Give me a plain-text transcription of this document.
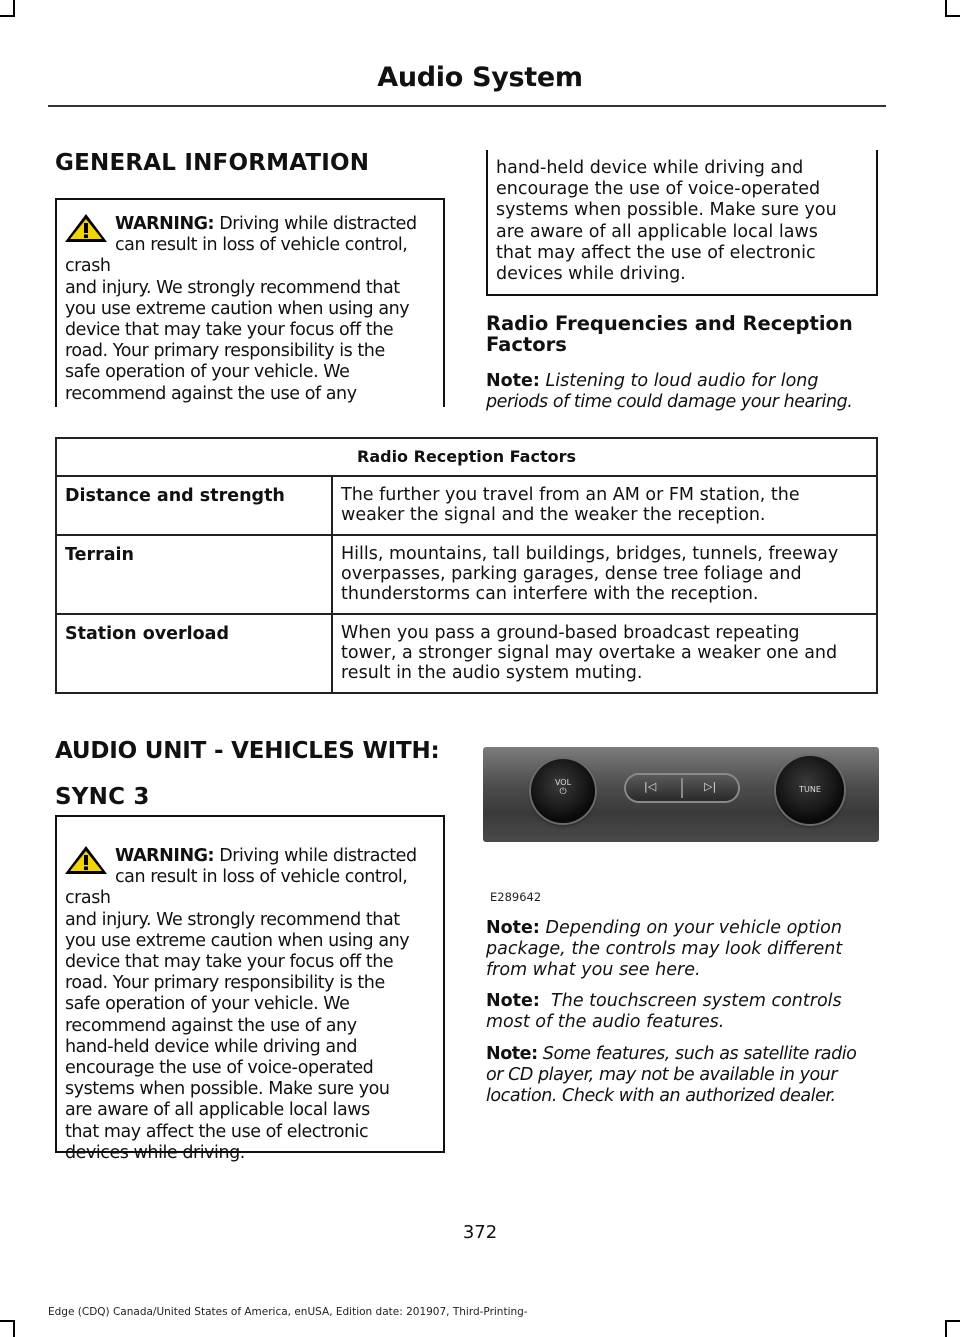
Audio System
GENERAL INFORMATION
WARNING: Driving while distracted
can result in loss of vehicle control, crash
and injury. We strongly recommend that
you use extreme caution when using any
device that may take your focus off the
road. Your primary responsibility is the
safe operation of your vehicle. We
recommend against the use of any
hand-held device while driving and
encourage the use of voice-operated
systems when possible. Make sure you
are aware of all applicable local laws
that may affect the use of electronic
devices while driving.
Radio Frequencies and Reception
Factors
Note: Listening to loud audio for long
periods of time could damage your hearing.
Radio Reception Factors	
Distance and strength	The further you travel from an AM or FM station, the
weaker the signal and the weaker the reception.
Terrain	Hills, mountains, tall buildings, bridges, tunnels, freeway
overpasses, parking garages, dense tree foliage and
thunderstorms can interfere with the reception.
Station overload	When you pass a ground-based broadcast repeating
tower, a stronger signal may overtake a weaker one and
result in the audio system muting.
AUDIO UNIT - VEHICLES WITH:
SYNC 3
WARNING: Driving while distracted
can result in loss of vehicle control, crash
and injury. We strongly recommend that
you use extreme caution when using any
device that may take your focus off the
road. Your primary responsibility is the
safe operation of your vehicle. We
recommend against the use of any
hand-held device while driving and
encourage the use of voice-operated
systems when possible. Make sure you
are aware of all applicable local laws
that may affect the use of electronic
devices while driving.
VOL
⏻	|◁	▷|	TUNE
E289642
Note: Depending on your vehicle option
package, the controls may look different
from what you see here.
Note: The touchscreen system controls
most of the audio features.
Note: Some features, such as satellite radio
or CD player, may not be available in your
location. Check with an authorized dealer.
372
Edge (CDQ) Canada/United States of America, enUSA, Edition date: 201907, Third-Printing-
